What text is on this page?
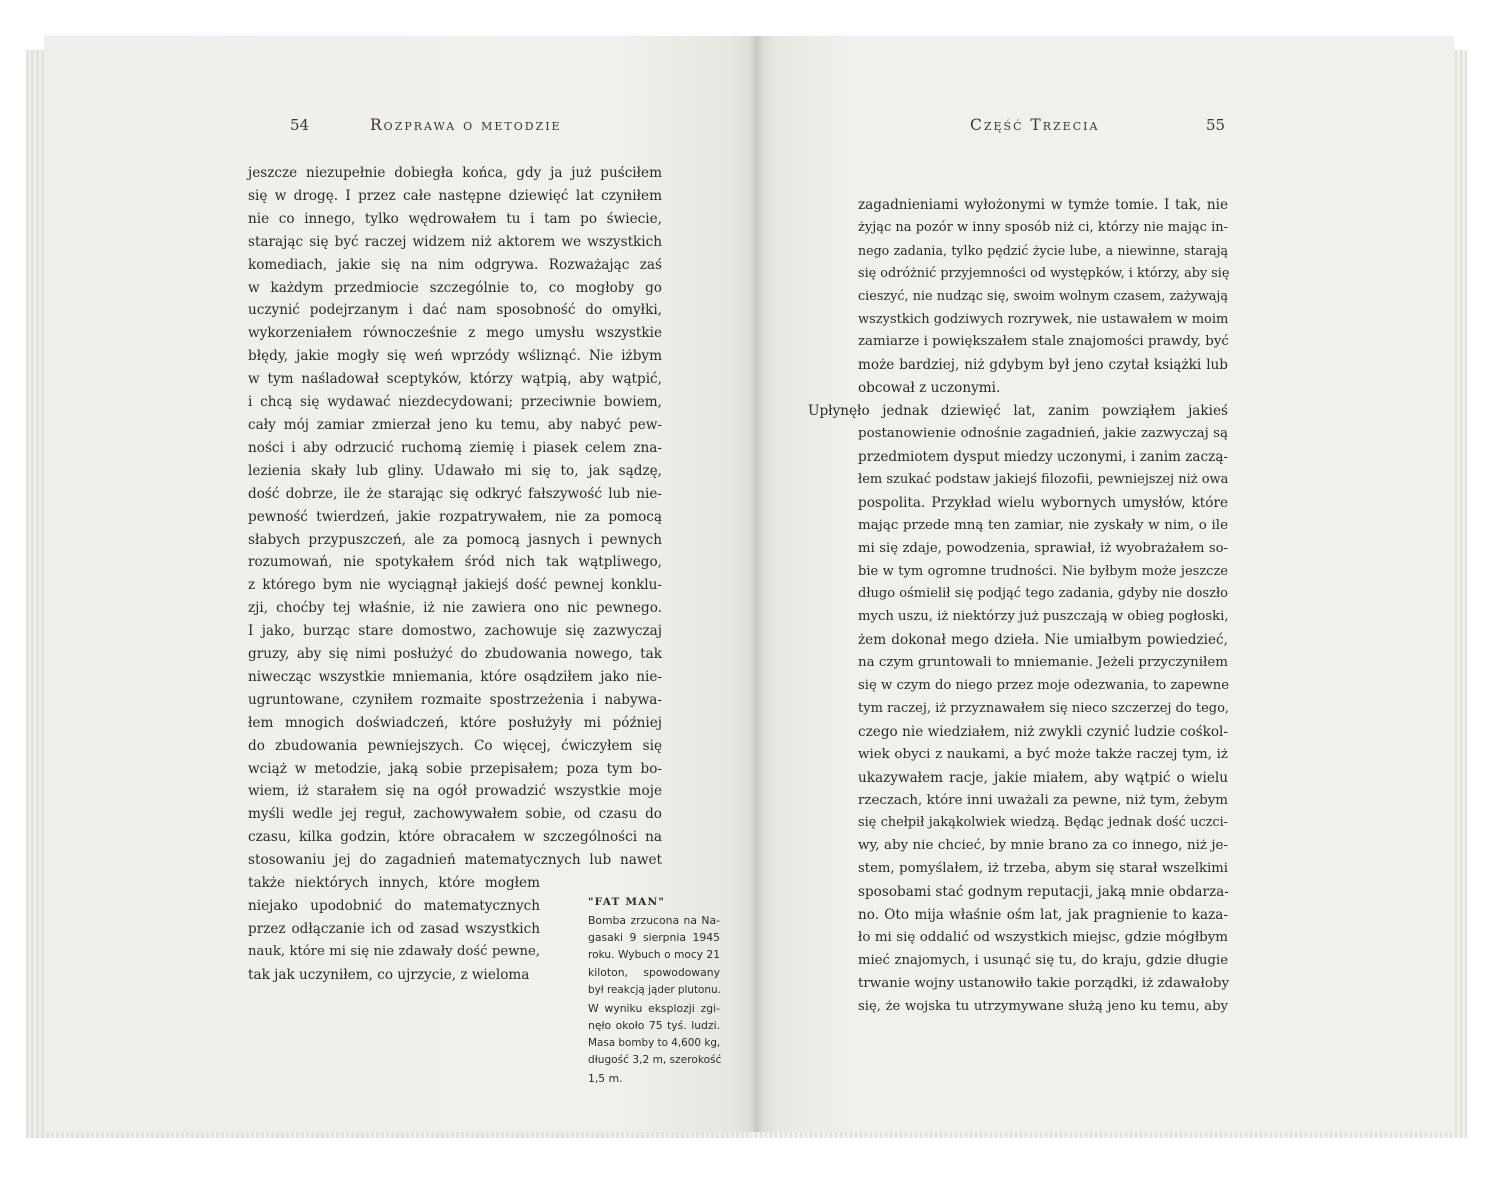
54	Rozprawa o metodzie	Część Trzecia	55
jeszcze niezupełnie dobiegła końca, gdy ja już puściłem
się w drogę. I przez całe następne dziewięć lat czyniłem
nie co innego, tylko wędrowałem tu i tam po świecie,
starając się być raczej widzem niż aktorem we wszystkich
komediach, jakie się na nim odgrywa. Rozważając zaś
w każdym przedmiocie szczególnie to, co mogłoby go
uczynić podejrzanym i dać nam sposobność do omyłki,
wykorzeniałem równocześnie z mego umysłu wszystkie
błędy, jakie mogły się weń wprzódy wśliznąć. Nie iżbym
w tym naśladował sceptyków, którzy wątpią, aby wątpić,
i chcą się wydawać niezdecydowani; przeciwnie bowiem,
cały mój zamiar zmierzał jeno ku temu, aby nabyć pew-
ności i aby odrzucić ruchomą ziemię i piasek celem zna-
lezienia skały lub gliny. Udawało mi się to, jak sądzę,
dość dobrze, ile że starając się odkryć fałszywość lub nie-
pewność twierdzeń, jakie rozpatrywałem, nie za pomocą
słabych przypuszczeń, ale za pomocą jasnych i pewnych
rozumowań, nie spotykałem śród nich tak wątpliwego,
z którego bym nie wyciągnął jakiejś dość pewnej konklu-
zji, choćby tej właśnie, iż nie zawiera ono nic pewnego.
I jako, burząc stare domostwo, zachowuje się zazwyczaj
gruzy, aby się nimi posłużyć do zbudowania nowego, tak
niwecząc wszystkie mniemania, które osądziłem jako nie-
ugruntowane, czyniłem rozmaite spostrzeżenia i nabywa-
łem mnogich doświadczeń, które posłużyły mi później
do zbudowania pewniejszych. Co więcej, ćwiczyłem się
wciąż w metodzie, jaką sobie przepisałem; poza tym bo-
wiem, iż starałem się na ogół prowadzić wszystkie moje
myśli wedle jej reguł, zachowywałem sobie, od czasu do
czasu, kilka godzin, które obracałem w szczególności na
stosowaniu jej do zagadnień matematycznych lub nawet
także niektórych innych, które mogłem
niejako upodobnić do matematycznych
przez odłączanie ich od zasad wszystkich
nauk, które mi się nie zdawały dość pewne,
tak jak uczyniłem, co ujrzycie, z wieloma
"FAT MAN"
Bomba zrzucona na Na-
gasaki 9 sierpnia 1945
roku. Wybuch o mocy 21
kiloton, spowodowany
był reakcją jąder plutonu.
W wyniku eksplozji zgi-
nęło około 75 tyś. ludzi.
Masa bomby to 4,600 kg,
długość 3,2 m, szerokość
1,5 m.
zagadnieniami wyłożonymi w tymże tomie. I tak, nie
żyjąc na pozór w inny sposób niż ci, którzy nie mając in-
nego zadania, tylko pędzić życie lube, a niewinne, starają
się odróżnić przyjemności od występków, i którzy, aby się
cieszyć, nie nudząc się, swoim wolnym czasem, zażywają
wszystkich godziwych rozrywek, nie ustawałem w moim
zamiarze i powiększałem stale znajomości prawdy, być
może bardziej, niż gdybym był jeno czytał książki lub
obcował z uczonymi.
Upłynęło jednak dziewięć lat, zanim powziąłem jakieś
postanowienie odnośnie zagadnień, jakie zazwyczaj są
przedmiotem dysput miedzy uczonymi, i zanim zaczą-
łem szukać podstaw jakiejś filozofii, pewniejszej niż owa
pospolita. Przykład wielu wybornych umysłów, które
mając przede mną ten zamiar, nie zyskały w nim, o ile
mi się zdaje, powodzenia, sprawiał, iż wyobrażałem so-
bie w tym ogromne trudności. Nie byłbym może jeszcze
długo ośmielił się podjąć tego zadania, gdyby nie doszło
mych uszu, iż niektórzy już puszczają w obieg pogłoski,
żem dokonał mego dzieła. Nie umiałbym powiedzieć,
na czym gruntowali to mniemanie. Jeżeli przyczyniłem
się w czym do niego przez moje odezwania, to zapewne
tym raczej, iż przyznawałem się nieco szczerzej do tego,
czego nie wiedziałem, niż zwykli czynić ludzie cośkol-
wiek obyci z naukami, a być może także raczej tym, iż
ukazywałem racje, jakie miałem, aby wątpić o wielu
rzeczach, które inni uważali za pewne, niż tym, żebym
się chełpił jakąkolwiek wiedzą. Będąc jednak dość uczci-
wy, aby nie chcieć, by mnie brano za co innego, niż je-
stem, pomyślałem, iż trzeba, abym się starał wszelkimi
sposobami stać godnym reputacji, jaką mnie obdarza-
no. Oto mija właśnie ośm lat, jak pragnienie to kaza-
ło mi się oddalić od wszystkich miejsc, gdzie mógłbym
mieć znajomych, i usunąć się tu, do kraju, gdzie długie
trwanie wojny ustanowiło takie porządki, iż zdawałoby
się, że wojska tu utrzymywane służą jeno ku temu, aby
